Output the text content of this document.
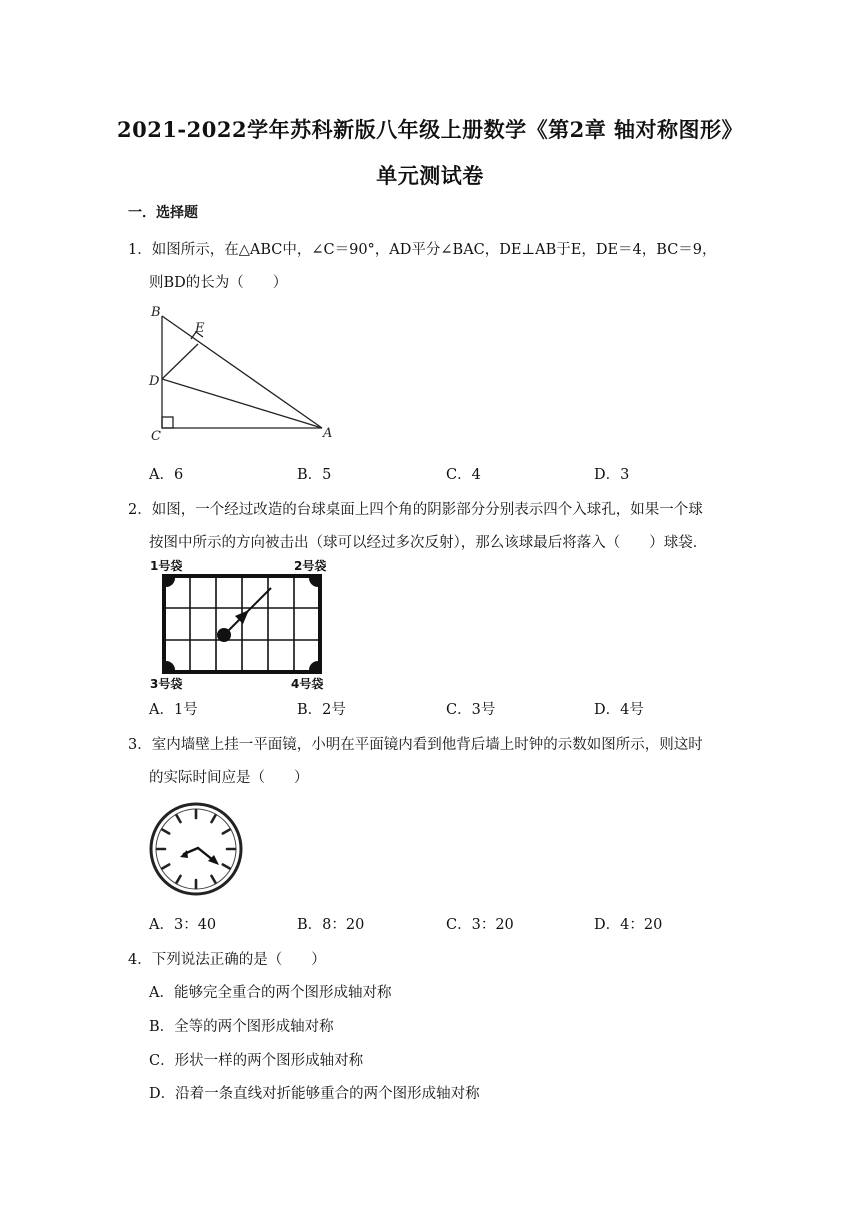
2021-2022学年苏科新版八年级上册数学《第2章 轴对称图形》
单元测试卷
一．选择题
1．如图所示，在△ABC中，∠C＝90°，AD平分∠BAC，DE⊥AB于E，DE＝4，BC＝9，
则BD的长为（　　）
B
E
D
C	A
A．6	B．5	C．4	D．3
2．如图，一个经过改造的台球桌面上四个角的阴影部分分别表示四个入球孔，如果一个球
按图中所示的方向被击出（球可以经过多次反射），那么该球最后将落入（　　）球袋．
1号袋	2号袋
3号袋	4号袋
A．1号	B．2号	C．3号	D．4号
3．室内墙壁上挂一平面镜，小明在平面镜内看到他背后墙上时钟的示数如图所示，则这时
的实际时间应是（　　）
A．3：40	B．8：20	C．3：20	D．4：20
4．下列说法正确的是（　　）
A．能够完全重合的两个图形成轴对称
B．全等的两个图形成轴对称
C．形状一样的两个图形成轴对称
D．沿着一条直线对折能够重合的两个图形成轴对称
